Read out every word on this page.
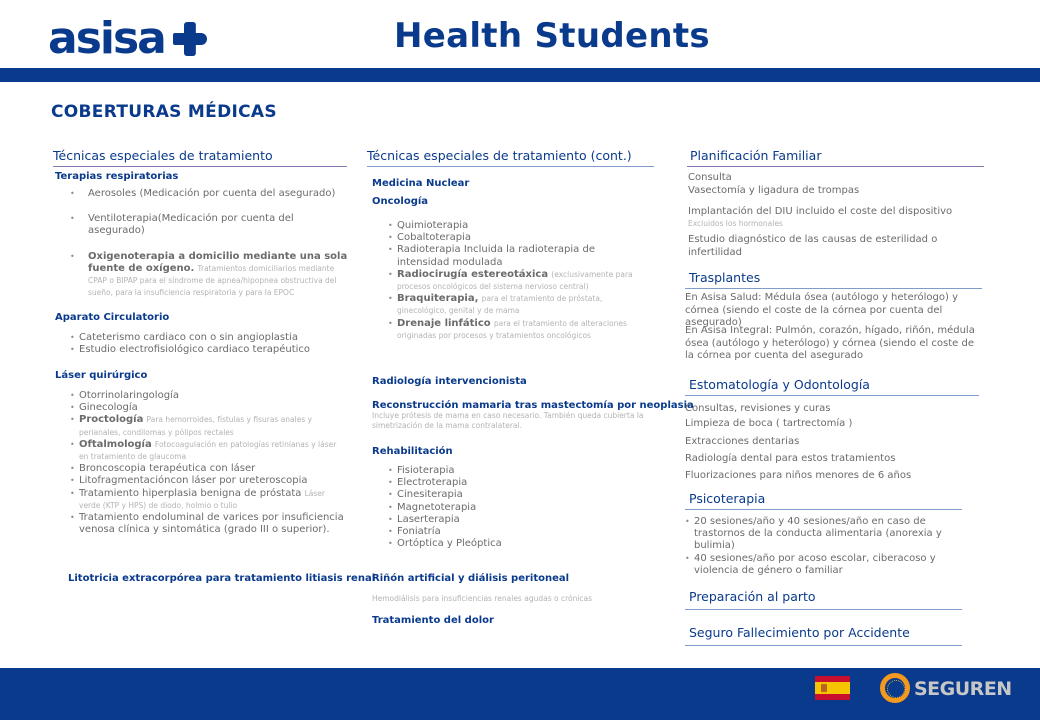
asisa	Health Students
COBERTURAS MÉDICAS
Técnicas especiales de tratamiento
Terapias respiratorias
• Aerosoles (Medicación por cuenta del asegurado)
• Ventiloterapia(Medicación por cuenta del asegurado)
• Oxigenoterapia a domicilio mediante una sola fuente de oxígeno. Tratamientos domiciliarios mediante CPAP o BIPAP para el síndrome de apnea/hipopnea obstructiva del sueño, para la insuficiencia respiratoria y para la EPOC
Aparato Circulatorio
• Cateterismo cardiaco con o sin angioplastia
• Estudio electrofisiológico cardiaco terapéutico
Láser quirúrgico
• Otorrinolaringología
• Ginecología
• Proctología Para hemorroides, fístulas y fisuras anales y perianales, condilomas y pólipos rectales
• Oftalmología Fotocoagulación en patologías retinianas y láser en tratamiento de glaucoma
• Broncoscopia terapéutica con láser
• Litofragmentacióncon láser por ureteroscopia
• Tratamiento hiperplasia benigna de próstata Láser verde (KTP y HPS) de diodo, holmio o tulio
• Tratamiento endoluminal de varices por insuficiencia venosa clínica y sintomática (grado III o superior).
Litotricia extracorpórea para tratamiento litiasis renal
Técnicas especiales de tratamiento (cont.)
Medicina Nuclear
Oncología
• Quimioterapia
• Cobaltoterapia
• Radioterapia Incluida la radioterapia de intensidad modulada
• Radiocirugía estereotáxica (exclusivamente para procesos oncológicos del sistema nervioso central)
• Braquiterapia, para el tratamiento de próstata, ginecológico, genital y de mama
• Drenaje linfático para el tratamiento de alteraciones originadas por procesos y tratamientos oncológicos
Radiología intervencionista
Reconstrucción mamaria tras mastectomía por neoplasia
Incluye prótesis de mama en caso necesario. También queda cubierta la simetrización de la mama contralateral.
Rehabilitación
• Fisioterapia
• Electroterapia
• Cinesiterapia
• Magnetoterapia
• Laserterapia
• Foniatría
• Ortóptica y Pleóptica
Riñón artificial y diálisis peritoneal
Hemodiálisis para insuficiencias renales agudas o crónicas
Tratamiento del dolor
Planificación Familiar
Consulta
Vasectomía y ligadura de trompas
Implantación del DIU incluido el coste del dispositivo
Excluidos los hormonales
Estudio diagnóstico de las causas de esterilidad o infertilidad
Trasplantes
En Asisa Salud: Médula ósea (autólogo y heterólogo) y córnea (siendo el coste de la córnea por cuenta del asegurado)
En Asisa Integral: Pulmón, corazón, hígado, riñón, médula ósea (autólogo y heterólogo) y córnea (siendo el coste de la córnea por cuenta del asegurado
Estomatología y Odontología
Consultas, revisiones y curas
Limpieza de boca ( tartrectomía )
Extracciones dentarias
Radiología dental para estos tratamientos
Fluorizaciones para niños menores de 6 años
Psicoterapia
• 20 sesiones/año y 40 sesiones/año en caso de trastornos de la conducta alimentaria (anorexia y bulimia)
• 40 sesiones/año por acoso escolar, ciberacoso y violencia de género o familiar
Preparación al parto
Seguro Fallecimiento por Accidente
SEGUREN
